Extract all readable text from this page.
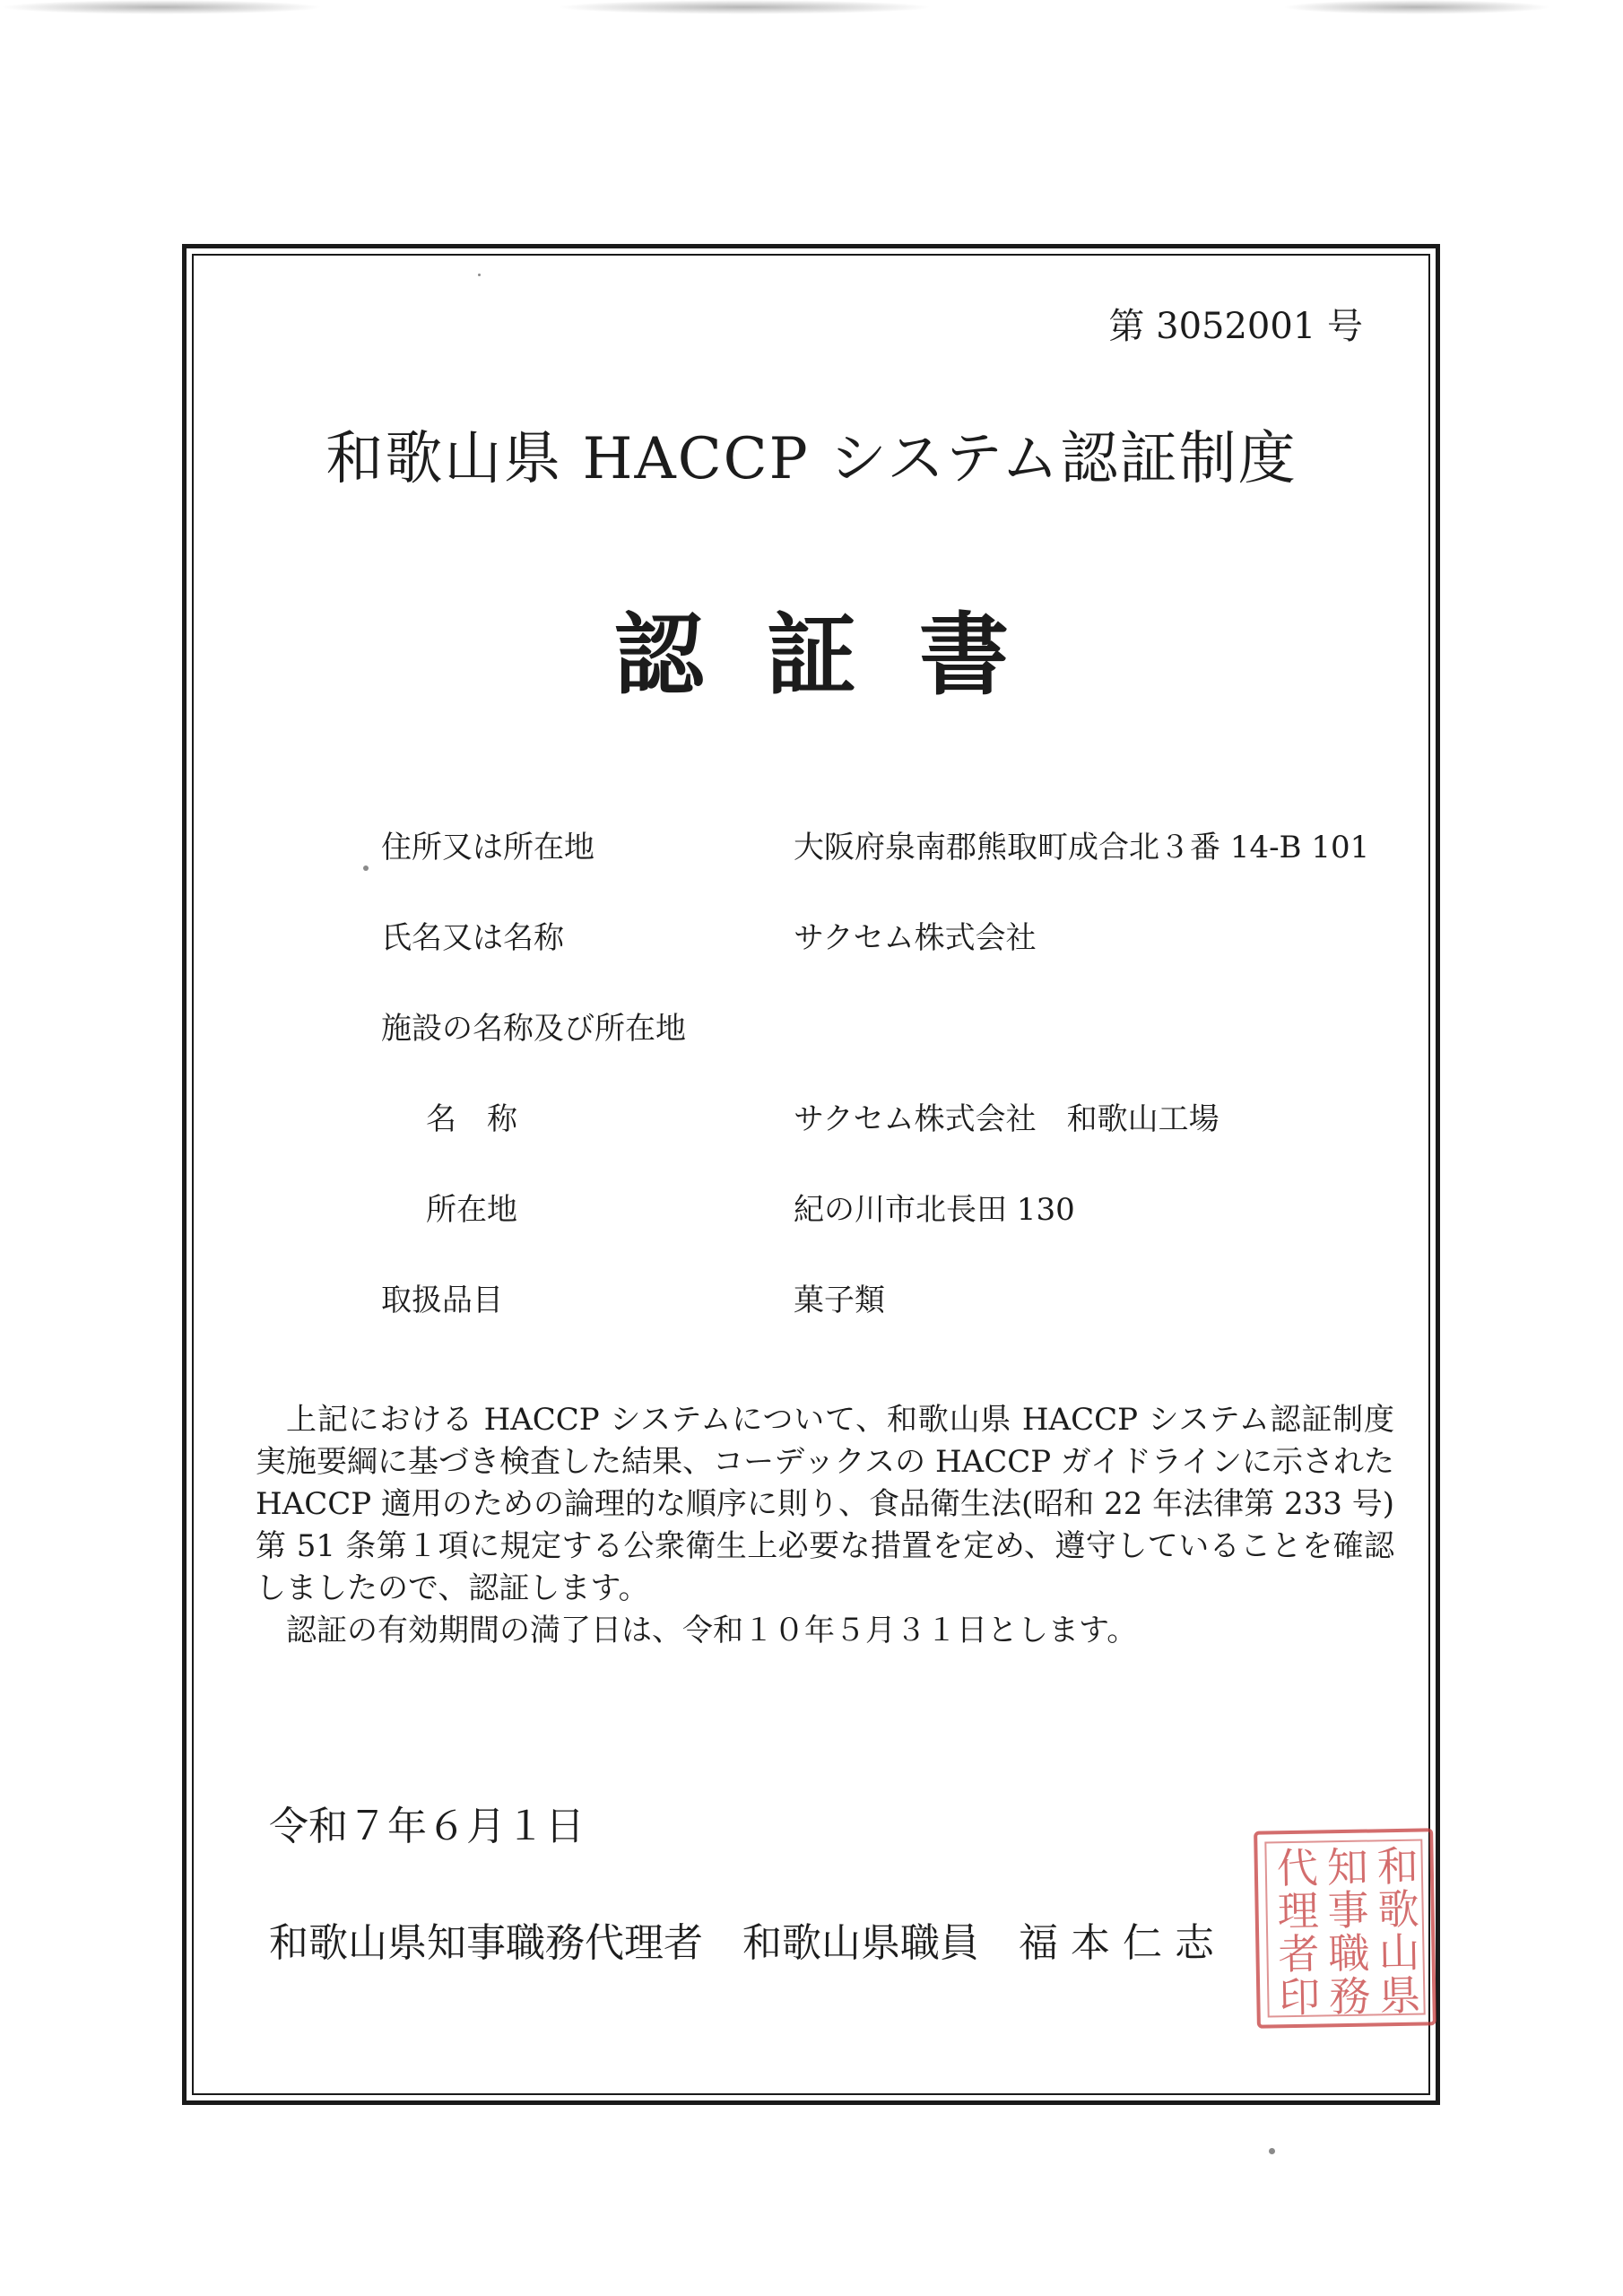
第 3052001 号
和歌山県 HACCP システム認証制度
認証書
住所又は所在地	大阪府泉南郡熊取町成合北３番 14-B 101
氏名又は名称	サクセム株式会社
施設の名称及び所在地
名　称	サクセム株式会社　和歌山工場
所在地	紀の川市北長田 130
取扱品目	菓子類

上記における HACCP システムについて、和歌山県 HACCP システム認証制度実施要綱に基づき検査した結果、コーデックスの HACCP ガイドラインに示された HACCP 適用のための論理的な順序に則り、食品衛生法(昭和 22 年法律第 233 号) 第 51 条第１項に規定する公衆衛生上必要な措置を定め、遵守していることを確認しましたので、認証します。

認証の有効期間の満了日は、令和１０年５月３１日とします。

令和７年６月１日
和歌山県知事職務代理者　和歌山県職員　福 本 仁 志
和歌山県
知事職務
代理者印
